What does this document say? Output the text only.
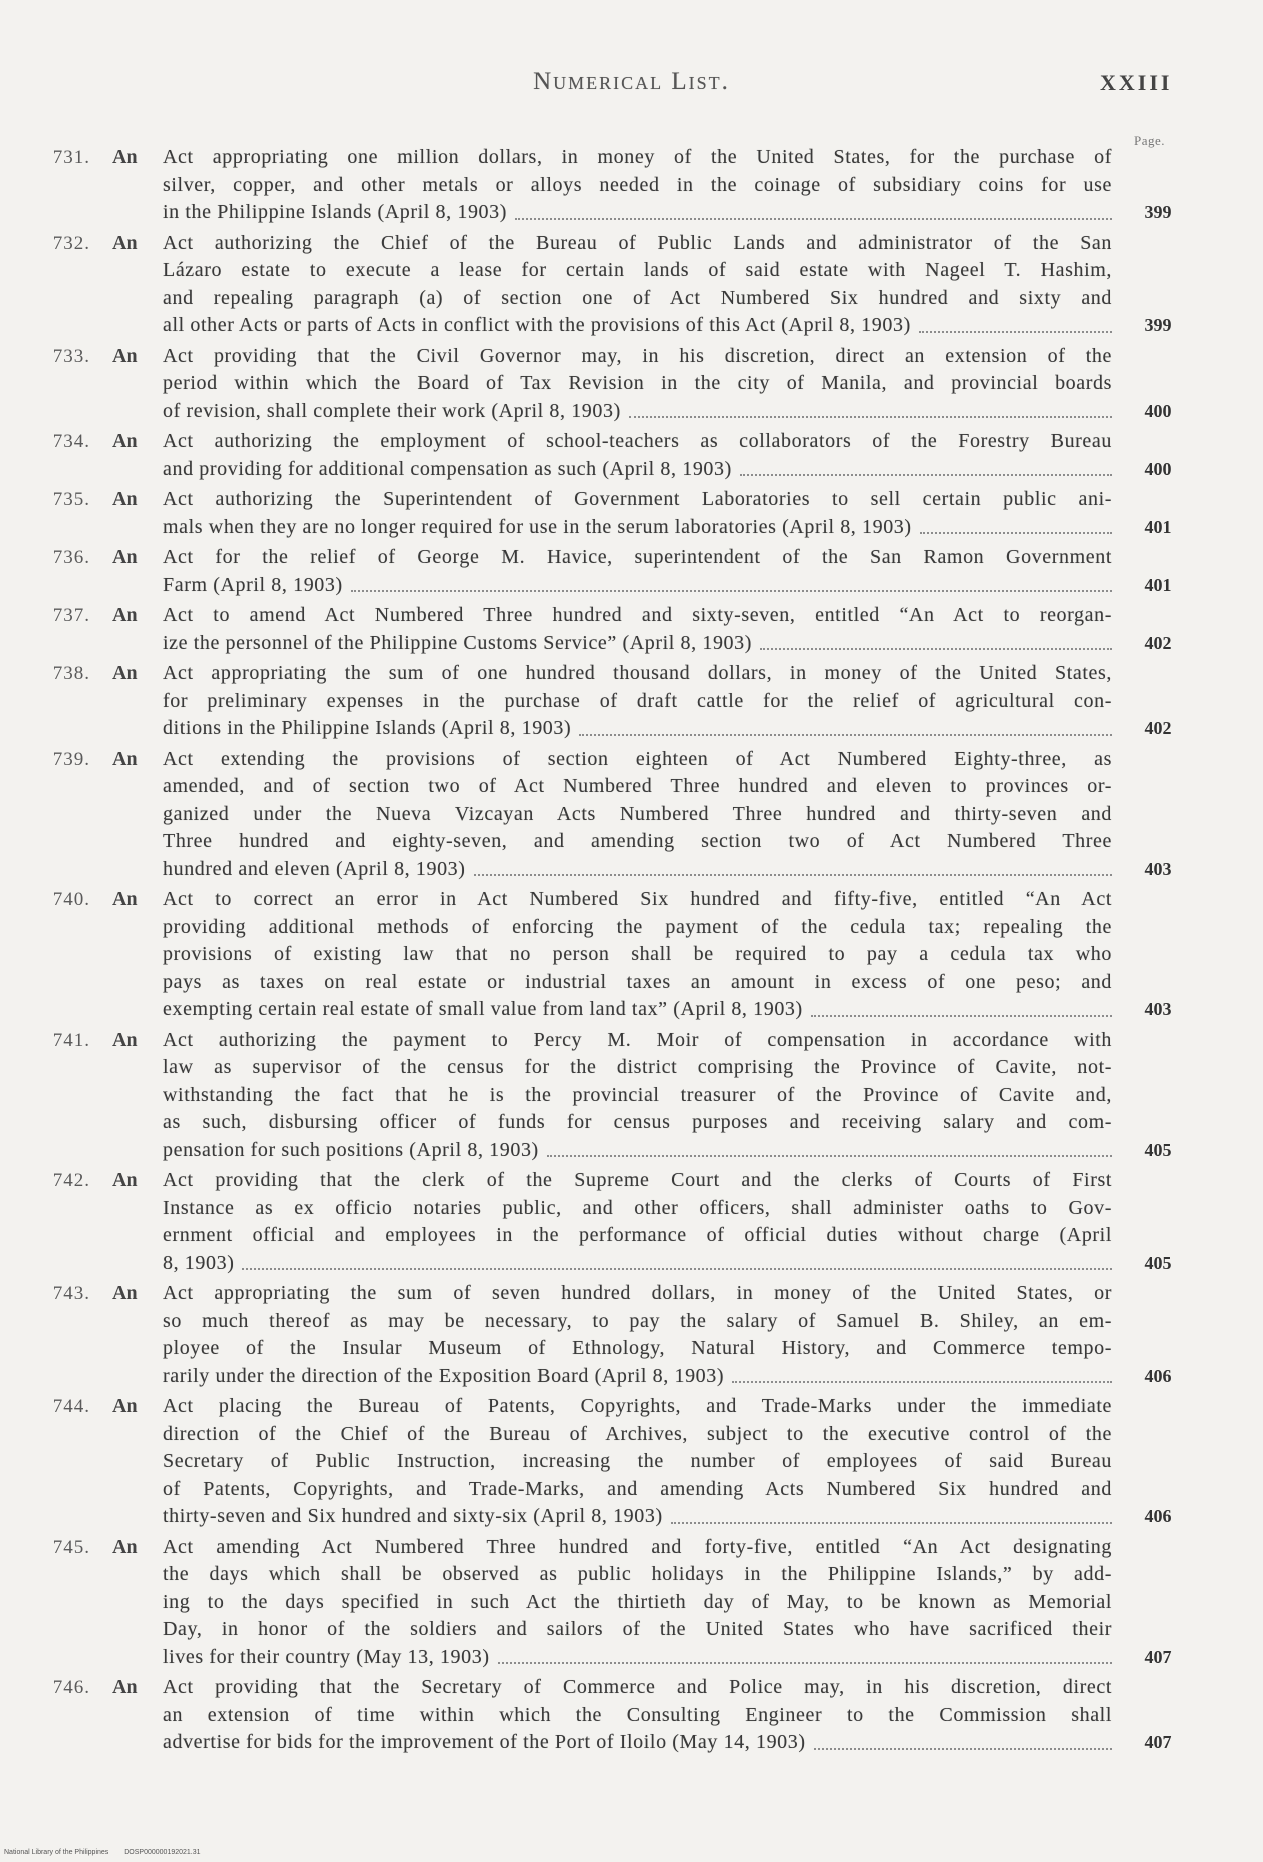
Numerical List.	XXIII
Page.
731. An Act appropriating one million dollars, in money of the United States, for the purchase of
silver, copper, and other metals or alloys needed in the coinage of subsidiary coins for use
in the Philippine Islands (April 8, 1903)	399
732. An Act authorizing the Chief of the Bureau of Public Lands and administrator of the San
Lázaro estate to execute a lease for certain lands of said estate with Nageel T. Hashim,
and repealing paragraph (a) of section one of Act Numbered Six hundred and sixty and
all other Acts or parts of Acts in conflict with the provisions of this Act (April 8, 1903)	399
733. An Act providing that the Civil Governor may, in his discretion, direct an extension of the
period within which the Board of Tax Revision in the city of Manila, and provincial boards
of revision, shall complete their work (April 8, 1903)	400
734. An Act authorizing the employment of school-teachers as collaborators of the Forestry Bureau
and providing for additional compensation as such (April 8, 1903)	400
735. An Act authorizing the Superintendent of Government Laboratories to sell certain public ani-
mals when they are no longer required for use in the serum laboratories (April 8, 1903)	401
736. An Act for the relief of George M. Havice, superintendent of the San Ramon Government
Farm (April 8, 1903)	401
737. An Act to amend Act Numbered Three hundred and sixty-seven, entitled “An Act to reorgan-
ize the personnel of the Philippine Customs Service” (April 8, 1903)	402
738. An Act appropriating the sum of one hundred thousand dollars, in money of the United States,
for preliminary expenses in the purchase of draft cattle for the relief of agricultural con-
ditions in the Philippine Islands (April 8, 1903)	402
739. An Act extending the provisions of section eighteen of Act Numbered Eighty-three, as
amended, and of section two of Act Numbered Three hundred and eleven to provinces or-
ganized under the Nueva Vizcayan Acts Numbered Three hundred and thirty-seven and
Three hundred and eighty-seven, and amending section two of Act Numbered Three
hundred and eleven (April 8, 1903)	403
740. An Act to correct an error in Act Numbered Six hundred and fifty-five, entitled “An Act
providing additional methods of enforcing the payment of the cedula tax; repealing the
provisions of existing law that no person shall be required to pay a cedula tax who
pays as taxes on real estate or industrial taxes an amount in excess of one peso; and
exempting certain real estate of small value from land tax” (April 8, 1903)	403
741. An Act authorizing the payment to Percy M. Moir of compensation in accordance with
law as supervisor of the census for the district comprising the Province of Cavite, not-
withstanding the fact that he is the provincial treasurer of the Province of Cavite and,
as such, disbursing officer of funds for census purposes and receiving salary and com-
pensation for such positions (April 8, 1903)	405
742. An Act providing that the clerk of the Supreme Court and the clerks of Courts of First
Instance as ex officio notaries public, and other officers, shall administer oaths to Gov-
ernment official and employees in the performance of official duties without charge (April
8, 1903)	405
743. An Act appropriating the sum of seven hundred dollars, in money of the United States, or
so much thereof as may be necessary, to pay the salary of Samuel B. Shiley, an em-
ployee of the Insular Museum of Ethnology, Natural History, and Commerce tempo-
rarily under the direction of the Exposition Board (April 8, 1903)	406
744. An Act placing the Bureau of Patents, Copyrights, and Trade-Marks under the immediate
direction of the Chief of the Bureau of Archives, subject to the executive control of the
Secretary of Public Instruction, increasing the number of employees of said Bureau
of Patents, Copyrights, and Trade-Marks, and amending Acts Numbered Six hundred and
thirty-seven and Six hundred and sixty-six (April 8, 1903)	406
745. An Act amending Act Numbered Three hundred and forty-five, entitled “An Act designating
the days which shall be observed as public holidays in the Philippine Islands,” by add-
ing to the days specified in such Act the thirtieth day of May, to be known as Memorial
Day, in honor of the soldiers and sailors of the United States who have sacrificed their
lives for their country (May 13, 1903)	407
746. An Act providing that the Secretary of Commerce and Police may, in his discretion, direct
an extension of time within which the Consulting Engineer to the Commission shall
advertise for bids for the improvement of the Port of Iloilo (May 14, 1903)	407
National Library of the Philippines DOSP000000192021.31
